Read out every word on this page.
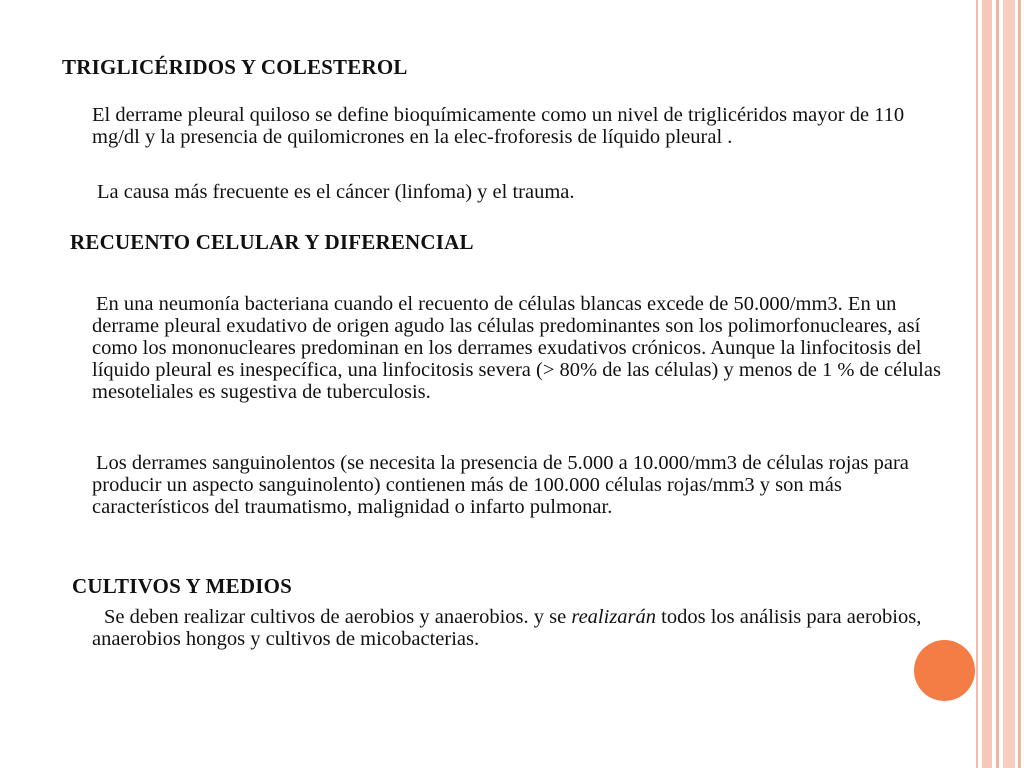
TRIGLICÉRIDOS Y COLESTEROL
El derrame pleural quiloso se define bioquímicamente como un nivel de triglicéridos mayor de 110 mg/dl y la presencia de quilomicrones en la elec-froforesis de líquido pleural .
La causa más frecuente es el cáncer (linfoma) y el trauma.
RECUENTO CELULAR Y DIFERENCIAL
En una neumonía bacteriana cuando el recuento de células blancas excede de 50.000/mm3. En un derrame pleural exudativo de origen agudo las células predominantes son los polimorfonucleares, así como los mononucleares predominan en los derrames exudativos crónicos. Aunque la linfocitosis del líquido pleural es inespecífica, una linfocitosis severa (> 80% de las células) y menos de 1 % de células mesoteliales es sugestiva de tuberculosis.
Los derrames sanguinolentos (se necesita la presencia de 5.000 a 10.000/mm3 de células rojas para producir un aspecto sanguinolento) contienen más de 100.000 células rojas/mm3 y son más característicos del traumatismo, malignidad o infarto pulmonar.
CULTIVOS Y MEDIOS
Se deben realizar cultivos de aerobios y anaerobios. y se realizarán todos los análisis para aerobios, anaerobios hongos y cultivos de micobacterias.
